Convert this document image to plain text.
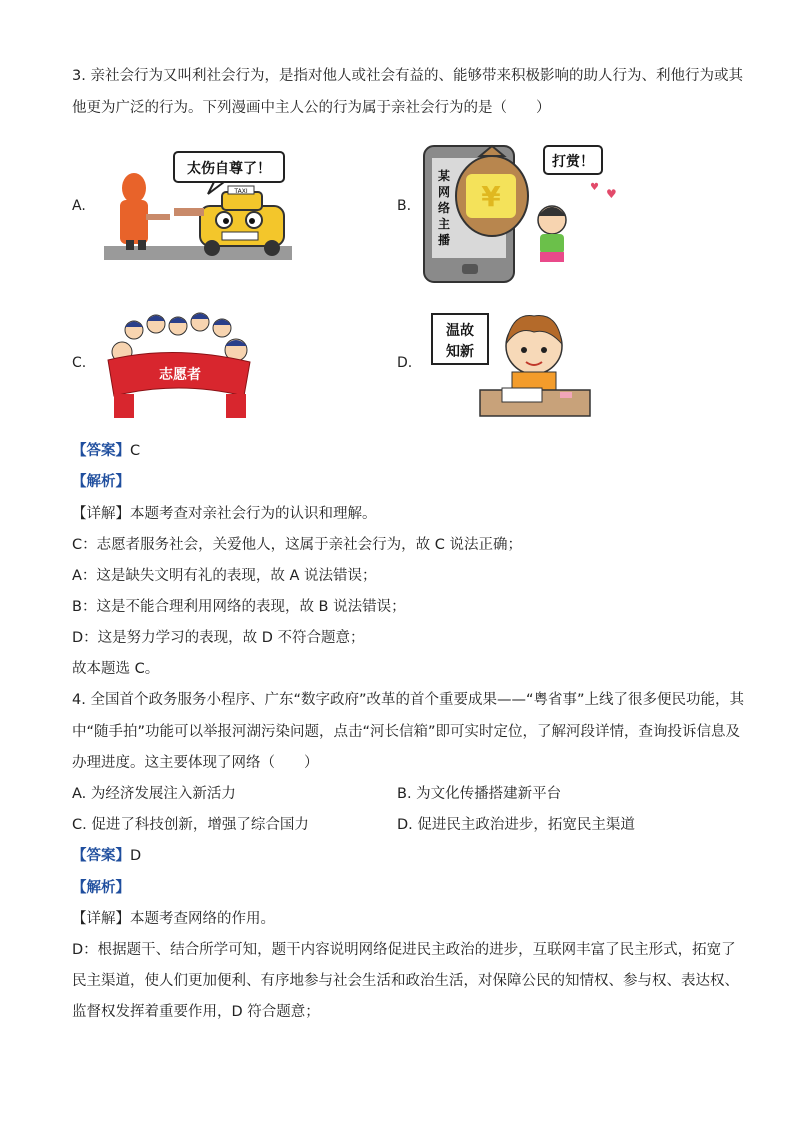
3. 亲社会行为又叫利社会行为，是指对他人或社会有益的、能够带来积极影响的助人行为、利他行为或其
他更为广泛的行为。下列漫画中主人公的行为属于亲社会行为的是（　　）
A.
太伤自尊了！
TAXI
B.
某网络主播
¥
打赏！
♥
♥
C.
志愿者
D.
温故
知新
【答案】C
【解析】
【详解】本题考查对亲社会行为的认识和理解。
C：志愿者服务社会，关爱他人，这属于亲社会行为，故 C 说法正确；
A：这是缺失文明有礼的表现，故 A 说法错误；
B：这是不能合理利用网络的表现，故 B 说法错误；
D：这是努力学习的表现，故 D 不符合题意；
故本题选 C。
4. 全国首个政务服务小程序、广东“数字政府”改革的首个重要成果——“粤省事”上线了很多便民功能，其
中“随手拍”功能可以举报河湖污染问题，点击“河长信箱”即可实时定位，了解河段详情，查询投诉信息及
办理进度。这主要体现了网络（　　）
A. 为经济发展注入新活力	B. 为文化传播搭建新平台
C. 促进了科技创新，增强了综合国力	D. 促进民主政治进步，拓宽民主渠道
【答案】D
【解析】
【详解】本题考查网络的作用。
D：根据题干、结合所学可知，题干内容说明网络促进民主政治的进步，互联网丰富了民主形式，拓宽了
民主渠道，使人们更加便利、有序地参与社会生活和政治生活，对保障公民的知情权、参与权、表达权、
监督权发挥着重要作用，D 符合题意；
